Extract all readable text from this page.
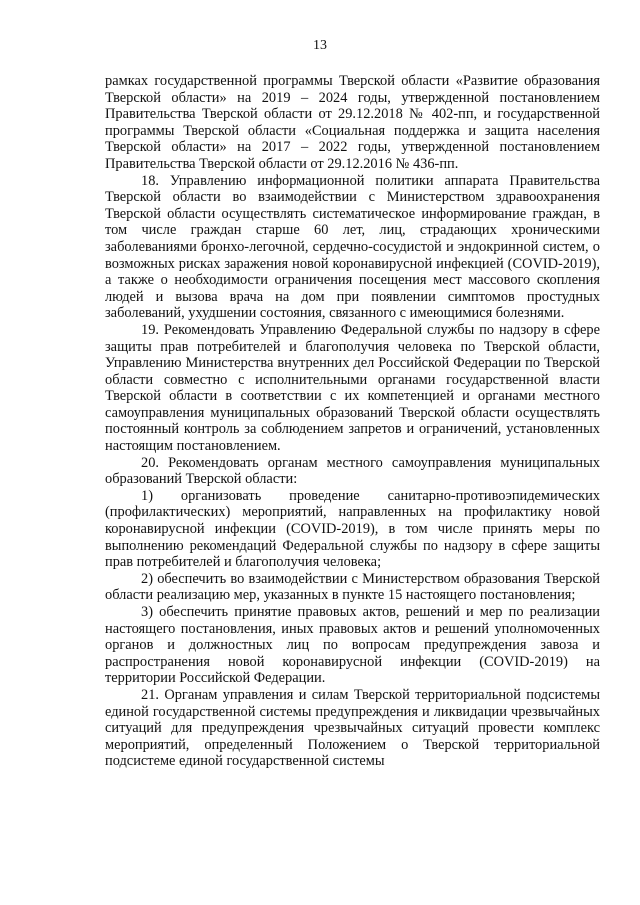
13

рамках государственной программы Тверской области «Развитие образования Тверской области» на 2019 – 2024 годы, утвержденной постановлением Правительства Тверской области от 29.12.2018 № 402-пп, и государственной программы Тверской области «Социальная поддержка и защита населения Тверской области» на 2017 – 2022 годы, утвержденной постановлением Правительства Тверской области от 29.12.2016 № 436-пп.

18. Управлению информационной политики аппарата Правительства Тверской области во взаимодействии с Министерством здравоохранения Тверской области осуществлять систематическое информирование граждан, в том числе граждан старше 60 лет, лиц, страдающих хроническими заболеваниями бронхо-легочной, сердечно-сосудистой и эндокринной систем, о возможных рисках заражения новой коронавирусной инфекцией (COVID-2019), а также о необходимости ограничения посещения мест массового скопления людей и вызова врача на дом при появлении симптомов простудных заболеваний, ухудшении состояния, связанного с имеющимися болезнями.

19. Рекомендовать Управлению Федеральной службы по надзору в сфере защиты прав потребителей и благополучия человека по Тверской области, Управлению Министерства внутренних дел Российской Федерации по Тверской области совместно с исполнительными органами государственной власти Тверской области в соответствии с их компетенцией и органами местного самоуправления муниципальных образований Тверской области осуществлять постоянный контроль за соблюдением запретов и ограничений, установленных настоящим постановлением.

20. Рекомендовать органам местного самоуправления муниципальных образований Тверской области:

1) организовать проведение санитарно-противоэпидемических (профилактических) мероприятий, направленных на профилактику новой коронавирусной инфекции (COVID-2019), в том числе принять меры по выполнению рекомендаций Федеральной службы по надзору в сфере защиты прав потребителей и благополучия человека;

2) обеспечить во взаимодействии с Министерством образования Тверской области реализацию мер, указанных в пункте 15 настоящего постановления;

3) обеспечить принятие правовых актов, решений и мер по реализации настоящего постановления, иных правовых актов и решений уполномоченных органов и должностных лиц по вопросам предупреждения завоза и распространения новой коронавирусной инфекции (COVID-2019) на территории Российской Федерации.

21. Органам управления и силам Тверской территориальной подсистемы единой государственной системы предупреждения и ликвидации чрезвычайных ситуаций для предупреждения чрезвычайных ситуаций провести комплекс мероприятий, определенный Положением о Тверской территориальной подсистеме единой государственной системы
